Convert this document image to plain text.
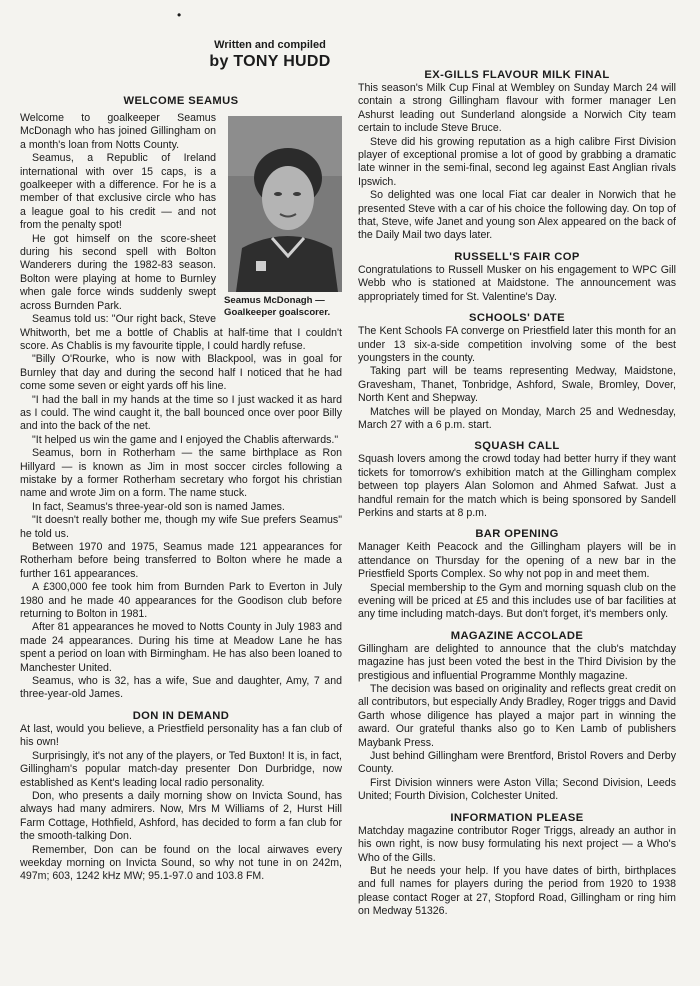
•
Written and compiled
by TONY HUDD
WELCOME SEAMUS
Seamus McDonagh —
Goalkeeper goalscorer.

Welcome to goalkeeper Seamus McDonagh who has joined Gillingham on a month's loan from Notts County.

Seamus, a Republic of Ireland international with over 15 caps, is a goalkeeper with a difference. For he is a member of that exclusive circle who has a league goal to his credit — and not from the penalty spot!

He got himself on the score-sheet during his second spell with Bolton Wanderers during the 1982-83 season. Bolton were playing at home to Burnley when gale force winds suddenly swept across Burnden Park.

Seamus told us: "Our right back, Steve Whitworth, bet me a bottle of Chablis at half-time that I couldn't score. As Chablis is my favourite tipple, I could hardly refuse.

"Billy O'Rourke, who is now with Blackpool, was in goal for Burnley that day and during the second half I noticed that he had come some seven or eight yards off his line.

"I had the ball in my hands at the time so I just wacked it as hard as I could. The wind caught it, the ball bounced once over poor Billy and into the back of the net.

"It helped us win the game and I enjoyed the Chablis afterwards."

Seamus, born in Rotherham — the same birthplace as Ron Hillyard — is known as Jim in most soccer circles following a mistake by a former Rotherham secretary who forgot his christian name and wrote Jim on a form. The name stuck.

In fact, Seamus's three-year-old son is named James.

"It doesn't really bother me, though my wife Sue prefers Seamus" he told us.

Between 1970 and 1975, Seamus made 121 appearances for Rotherham before being transferred to Bolton where he made a further 161 appearances.

A £300,000 fee took him from Burnden Park to Everton in July 1980 and he made 40 appearances for the Goodison club before returning to Bolton in 1981.

After 81 appearances he moved to Notts County in July 1983 and made 24 appearances. During his time at Meadow Lane he has spent a period on loan with Birmingham. He has also been loaned to Manchester United.

Seamus, who is 32, has a wife, Sue and daughter, Amy, 7 and three-year-old James.

DON IN DEMAND

At last, would you believe, a Priestfield personality has a fan club of his own!

Surprisingly, it's not any of the players, or Ted Buxton! It is, in fact, Gillingham's popular match-day presenter Don Durbridge, now established as Kent's leading local radio personality.

Don, who presents a daily morning show on Invicta Sound, has always had many admirers. Now, Mrs M Williams of 2, Hurst Hill Farm Cottage, Hothfield, Ashford, has decided to form a fan club for the smooth-talking Don.

Remember, Don can be found on the local airwaves every weekday morning on Invicta Sound, so why not tune in on 242m, 497m; 603, 1242 kHz MW; 95.1-97.0 and 103.8 FM.

EX-GILLS FLAVOUR MILK FINAL

This season's Milk Cup Final at Wembley on Sunday March 24 will contain a strong Gillingham flavour with former manager Len Ashurst leading out Sunderland alongside a Norwich City team certain to include Steve Bruce.

Steve did his growing reputation as a high calibre First Division player of exceptional promise a lot of good by grabbing a dramatic late winner in the semi-final, second leg against East Anglian rivals Ipswich.

So delighted was one local Fiat car dealer in Norwich that he presented Steve with a car of his choice the following day. On top of that, Steve, wife Janet and young son Alex appeared on the back of the Daily Mail two days later.

RUSSELL'S FAIR COP

Congratulations to Russell Musker on his engagement to WPC Gill Webb who is stationed at Maidstone. The announcement was appropriately timed for St. Valentine's Day.

SCHOOLS' DATE

The Kent Schools FA converge on Priestfield later this month for an under 13 six-a-side competition involving some of the best youngsters in the county.

Taking part will be teams representing Medway, Maidstone, Gravesham, Thanet, Tonbridge, Ashford, Swale, Bromley, Dover, North Kent and Shepway.

Matches will be played on Monday, March 25 and Wednesday, March 27 with a 6 p.m. start.

SQUASH CALL

Squash lovers among the crowd today had better hurry if they want tickets for tomorrow's exhibition match at the Gillingham complex between top players Alan Solomon and Ahmed Safwat. Just a handful remain for the match which is being sponsored by Sandell Perkins and starts at 8 p.m.

BAR OPENING

Manager Keith Peacock and the Gillingham players will be in attendance on Thursday for the opening of a new bar in the Priestfield Sports Complex. So why not pop in and meet them.

Special membership to the Gym and morning squash club on the evening will be priced at £5 and this includes use of bar facilities at any time including match-days. But don't forget, it's members only.

MAGAZINE ACCOLADE

Gillingham are delighted to announce that the club's matchday magazine has just been voted the best in the Third Division by the prestigious and influential Programme Monthly magazine.

The decision was based on originality and reflects great credit on all contributors, but especially Andy Bradley, Roger triggs and David Garth whose diligence has played a major part in winning the award. Our grateful thanks also go to Ken Lamb of publishers Maybank Press.

Just behind Gillingham were Brentford, Bristol Rovers and Derby County.

First Division winners were Aston Villa; Second Division, Leeds United; Fourth Division, Colchester United.

INFORMATION PLEASE

Matchday magazine contributor Roger Triggs, already an author in his own right, is now busy formulating his next project — a Who's Who of the Gills.

But he needs your help. If you have dates of birth, birthplaces and full names for players during the period from 1920 to 1938 please contact Roger at 27, Stopford Road, Gillingham or ring him on Medway 51326.
